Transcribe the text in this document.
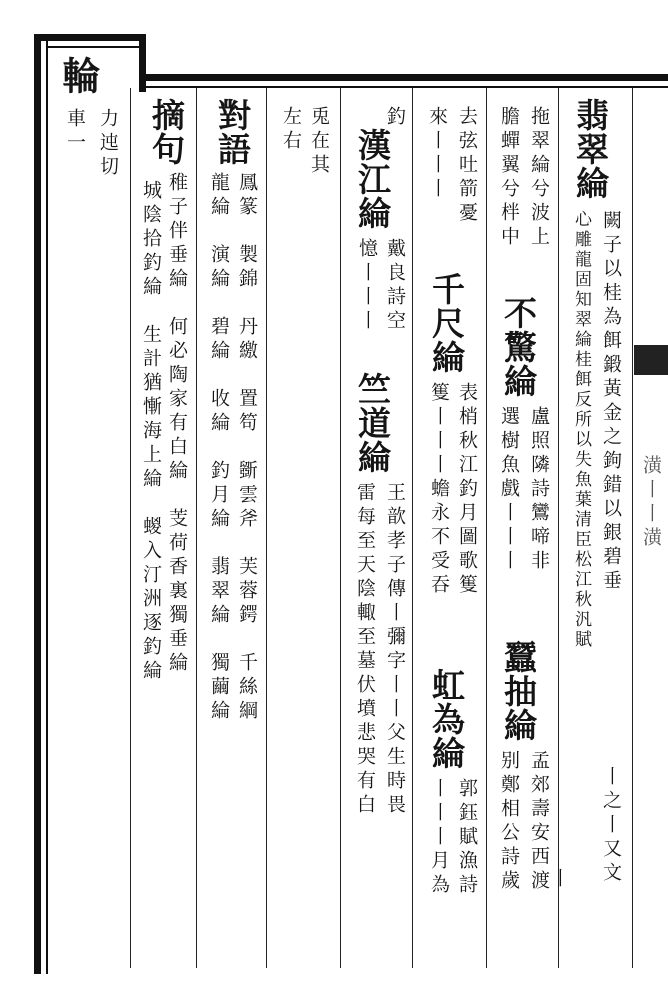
潢丨丨潢
輪
力迍切
車一 摘句
稚子伴垂綸　何必陶家有白綸　芰荷香裏獨垂綸
城陰拾釣綸　生計猶慚海上綸　蝬入汀洲逐釣綸
對語
鳳篆　製錦　丹繳　置笱　斵雲斧　芙蓉鍔　千絲綱
龍綸　演綸　碧綸　收綸　釣月綸　翡翠綸　獨繭綸
兎在其
左右	釣
漢江綸
戴良詩空
憶丨丨丨
竺道綸
王歆孝子傳丨彌字丨丨父生時畏
雷每至天陰輙至墓伏墳悲哭有白
去弦吐箭憂
來丨丨丨
千尺綸
表梢秋江釣月圖歌篗
篗丨丨丨蟾永不受吞
虹為綸
郭鈺賦漁詩
丨丨丨月為
拖翠綸兮波上
膽蟬翼兮柈中
不驚綸
盧照隣詩鸞啼非
選樹魚戲丨丨丨
蠶抽綸
孟郊壽安西渡
别鄭相公詩歲
翡翠綸
闕子以桂為餌鍛黃金之鉤錯以銀碧垂
心雕龍固知翠綸桂餌反所以失魚葉清臣松江秋汎賦
丨之丨又文
丨
